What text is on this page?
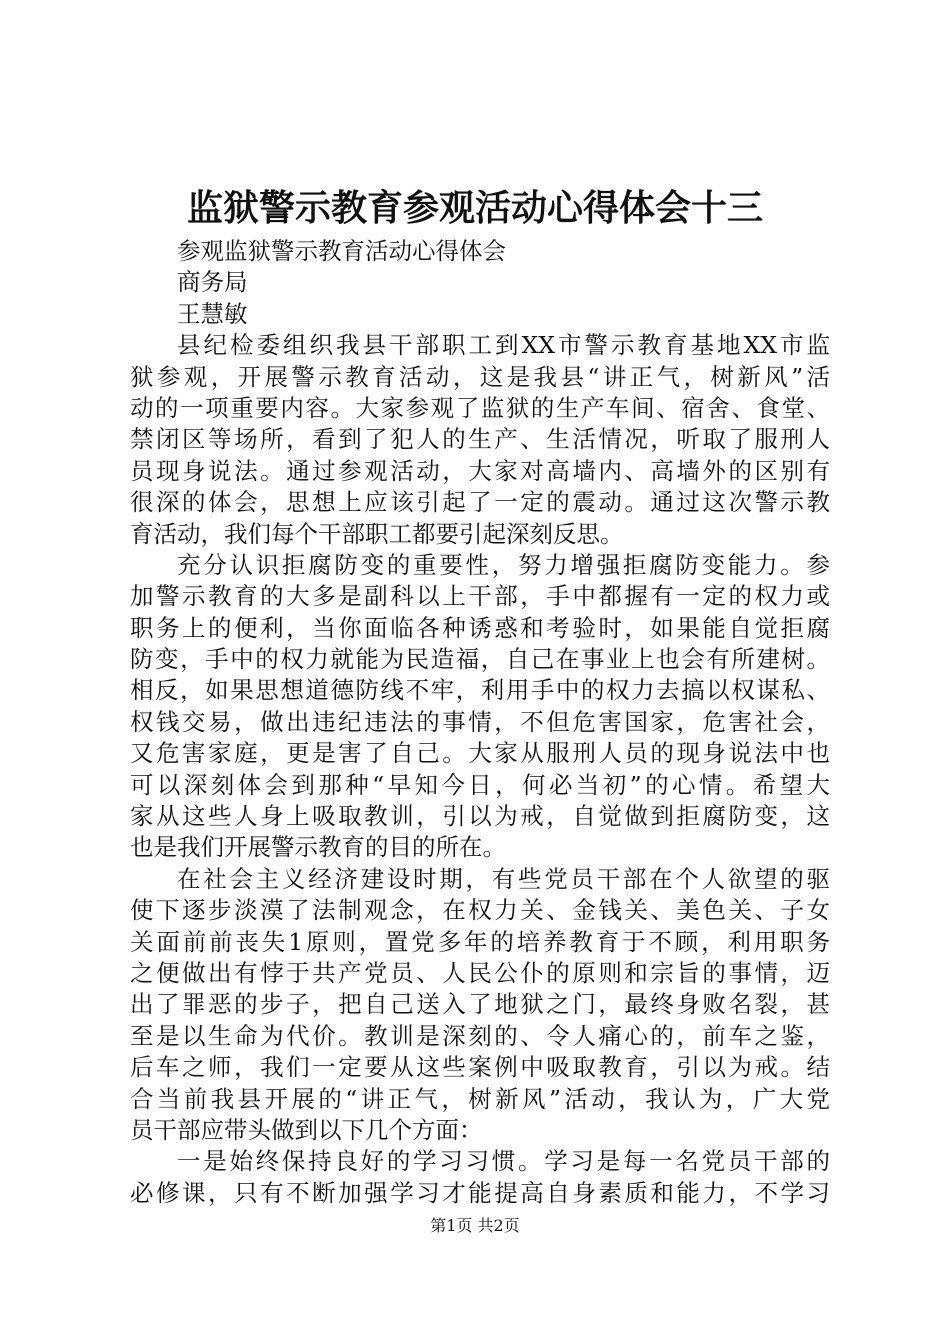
监狱警示教育参观活动心得体会十三
参观监狱警示教育活动心得体会
商务局
王慧敏
县纪检委组织我县干部职工到XX市警示教育基地XX市监
狱参观，开展警示教育活动，这是我县“讲正气，树新风”活
动的一项重要内容。大家参观了监狱的生产车间、宿舍、食堂、
禁闭区等场所，看到了犯人的生产、生活情况，听取了服刑人
员现身说法。通过参观活动，大家对高墙内、高墙外的区别有
很深的体会，思想上应该引起了一定的震动。通过这次警示教
育活动，我们每个干部职工都要引起深刻反思。
充分认识拒腐防变的重要性，努力增强拒腐防变能力。参
加警示教育的大多是副科以上干部，手中都握有一定的权力或
职务上的便利，当你面临各种诱惑和考验时，如果能自觉拒腐
防变，手中的权力就能为民造福，自己在事业上也会有所建树。
相反，如果思想道德防线不牢，利用手中的权力去搞以权谋私、
权钱交易，做出违纪违法的事情，不但危害国家，危害社会，
又危害家庭，更是害了自己。大家从服刑人员的现身说法中也
可以深刻体会到那种“早知今日，何必当初”的心情。希望大
家从这些人身上吸取教训，引以为戒，自觉做到拒腐防变，这
也是我们开展警示教育的目的所在。
在社会主义经济建设时期，有些党员干部在个人欲望的驱
使下逐步淡漠了法制观念，在权力关、金钱关、美色关、子女
关面前前丧失1原则，置党多年的培养教育于不顾，利用职务
之便做出有悖于共产党员、人民公仆的原则和宗旨的事情，迈
出了罪恶的步子，把自己送入了地狱之门，最终身败名裂，甚
至是以生命为代价。教训是深刻的、令人痛心的，前车之鉴，
后车之师，我们一定要从这些案例中吸取教育，引以为戒。结
合当前我县开展的“讲正气，树新风”活动，我认为，广大党
员干部应带头做到以下几个方面：
一是始终保持良好的学习习惯。学习是每一名党员干部的
必修课，只有不断加强学习才能提高自身素质和能力，不学习
第1页 共2页
